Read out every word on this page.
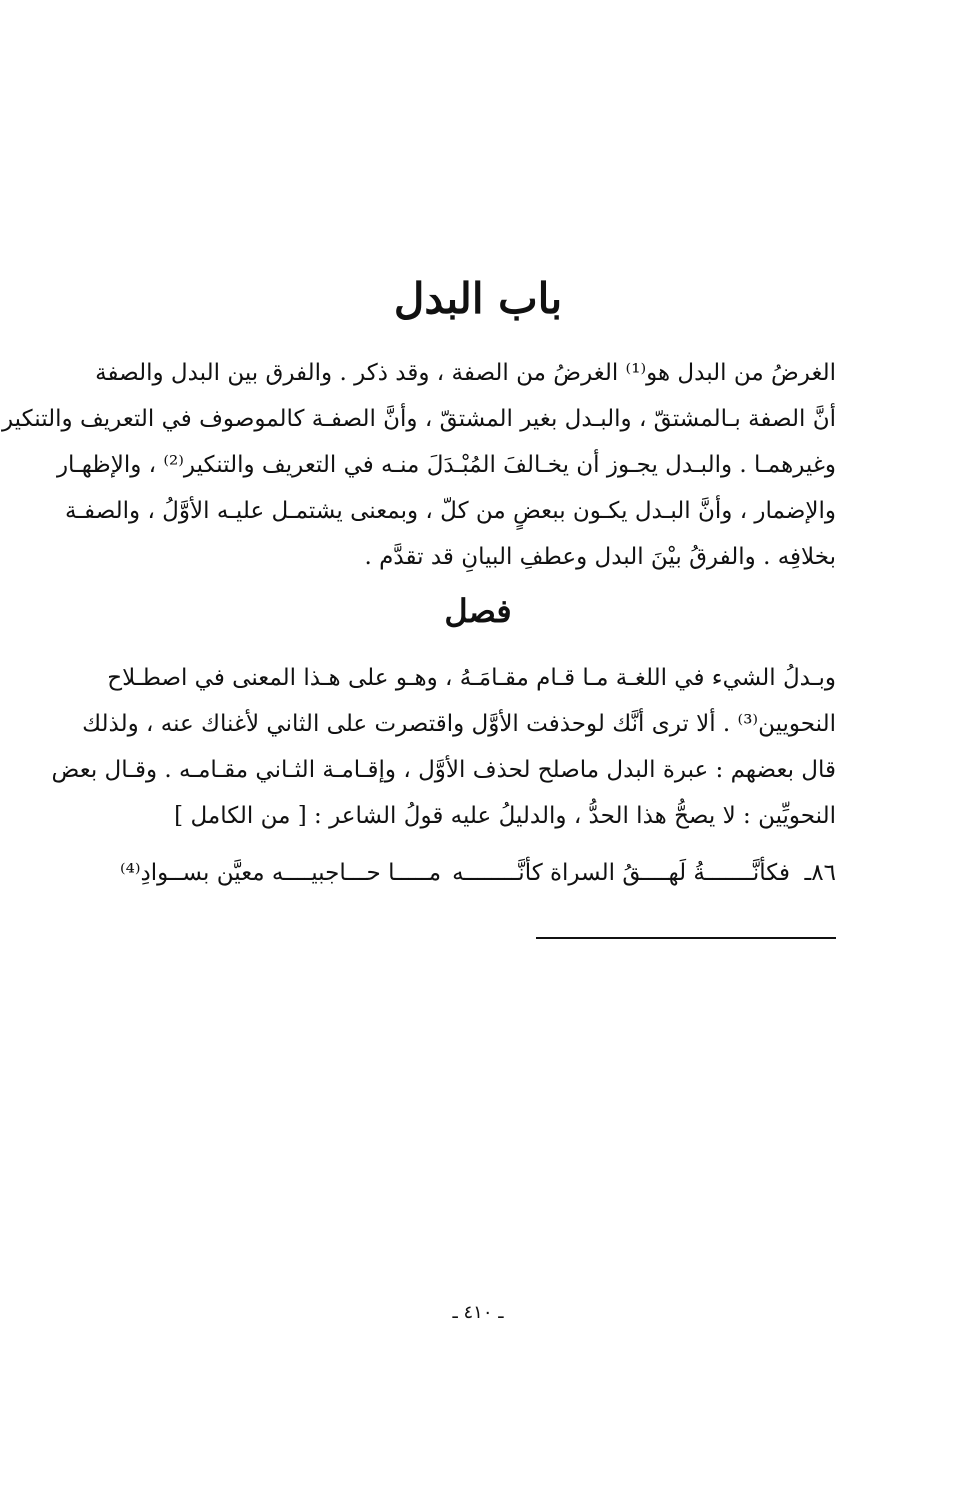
باب البدل
الغرضُ من البدل هو⁽¹⁾ الغرضُ من الصفة ، وقد ذكر . والفرق بين البدل والصفة
أنَّ الصفة بـالمشتقّ ، والبـدل بغير المشتقّ ، وأنَّ الصفـة كالموصوف في التعريف والتنكير
وغيرهمـا . والبـدل يجـوز أن يخـالفَ المُبْـدَلَ منـه في التعريف والتنكير⁽²⁾ ، والإظهـار
والإضمار ، وأنَّ البـدل يكـون ببعضٍ من كلّ ، وبمعنى يشتمـل عليـه الأوَّلُ ، والصفـة
بخلافِه . والفرقُ بيْنَ البدل وعطفِ البيانِ قد تقدَّم .
فصل
وبـدلُ الشيء في اللغـة مـا قـام مقـامَـهُ ، وهـو على هـذا المعنى في اصطـلاح
النحويين⁽³⁾ . ألا ترى أنَّك لوحذفت الأوَّل واقتصرت على الثاني لأغناك عنه ، ولذلك
قال بعضهم : عبرة البدل ماصلح لحذف الأوَّل ، وإقـامـة الثـاني مقـامـه . وقـال بعض
النحويِّين : لا يصحُّ هذا الحدُّ ، والدليلُ عليه قولُ الشاعر : [ من الكامل ]
٨٦ـ
فكأنَّـــــــةُ لَهــــقُ السراة كأنَّــــــــه
مـــــا حـــاجبيــــه معيَّن بســوادِ⁽⁴⁾
ـ ٤١٠ ـ
